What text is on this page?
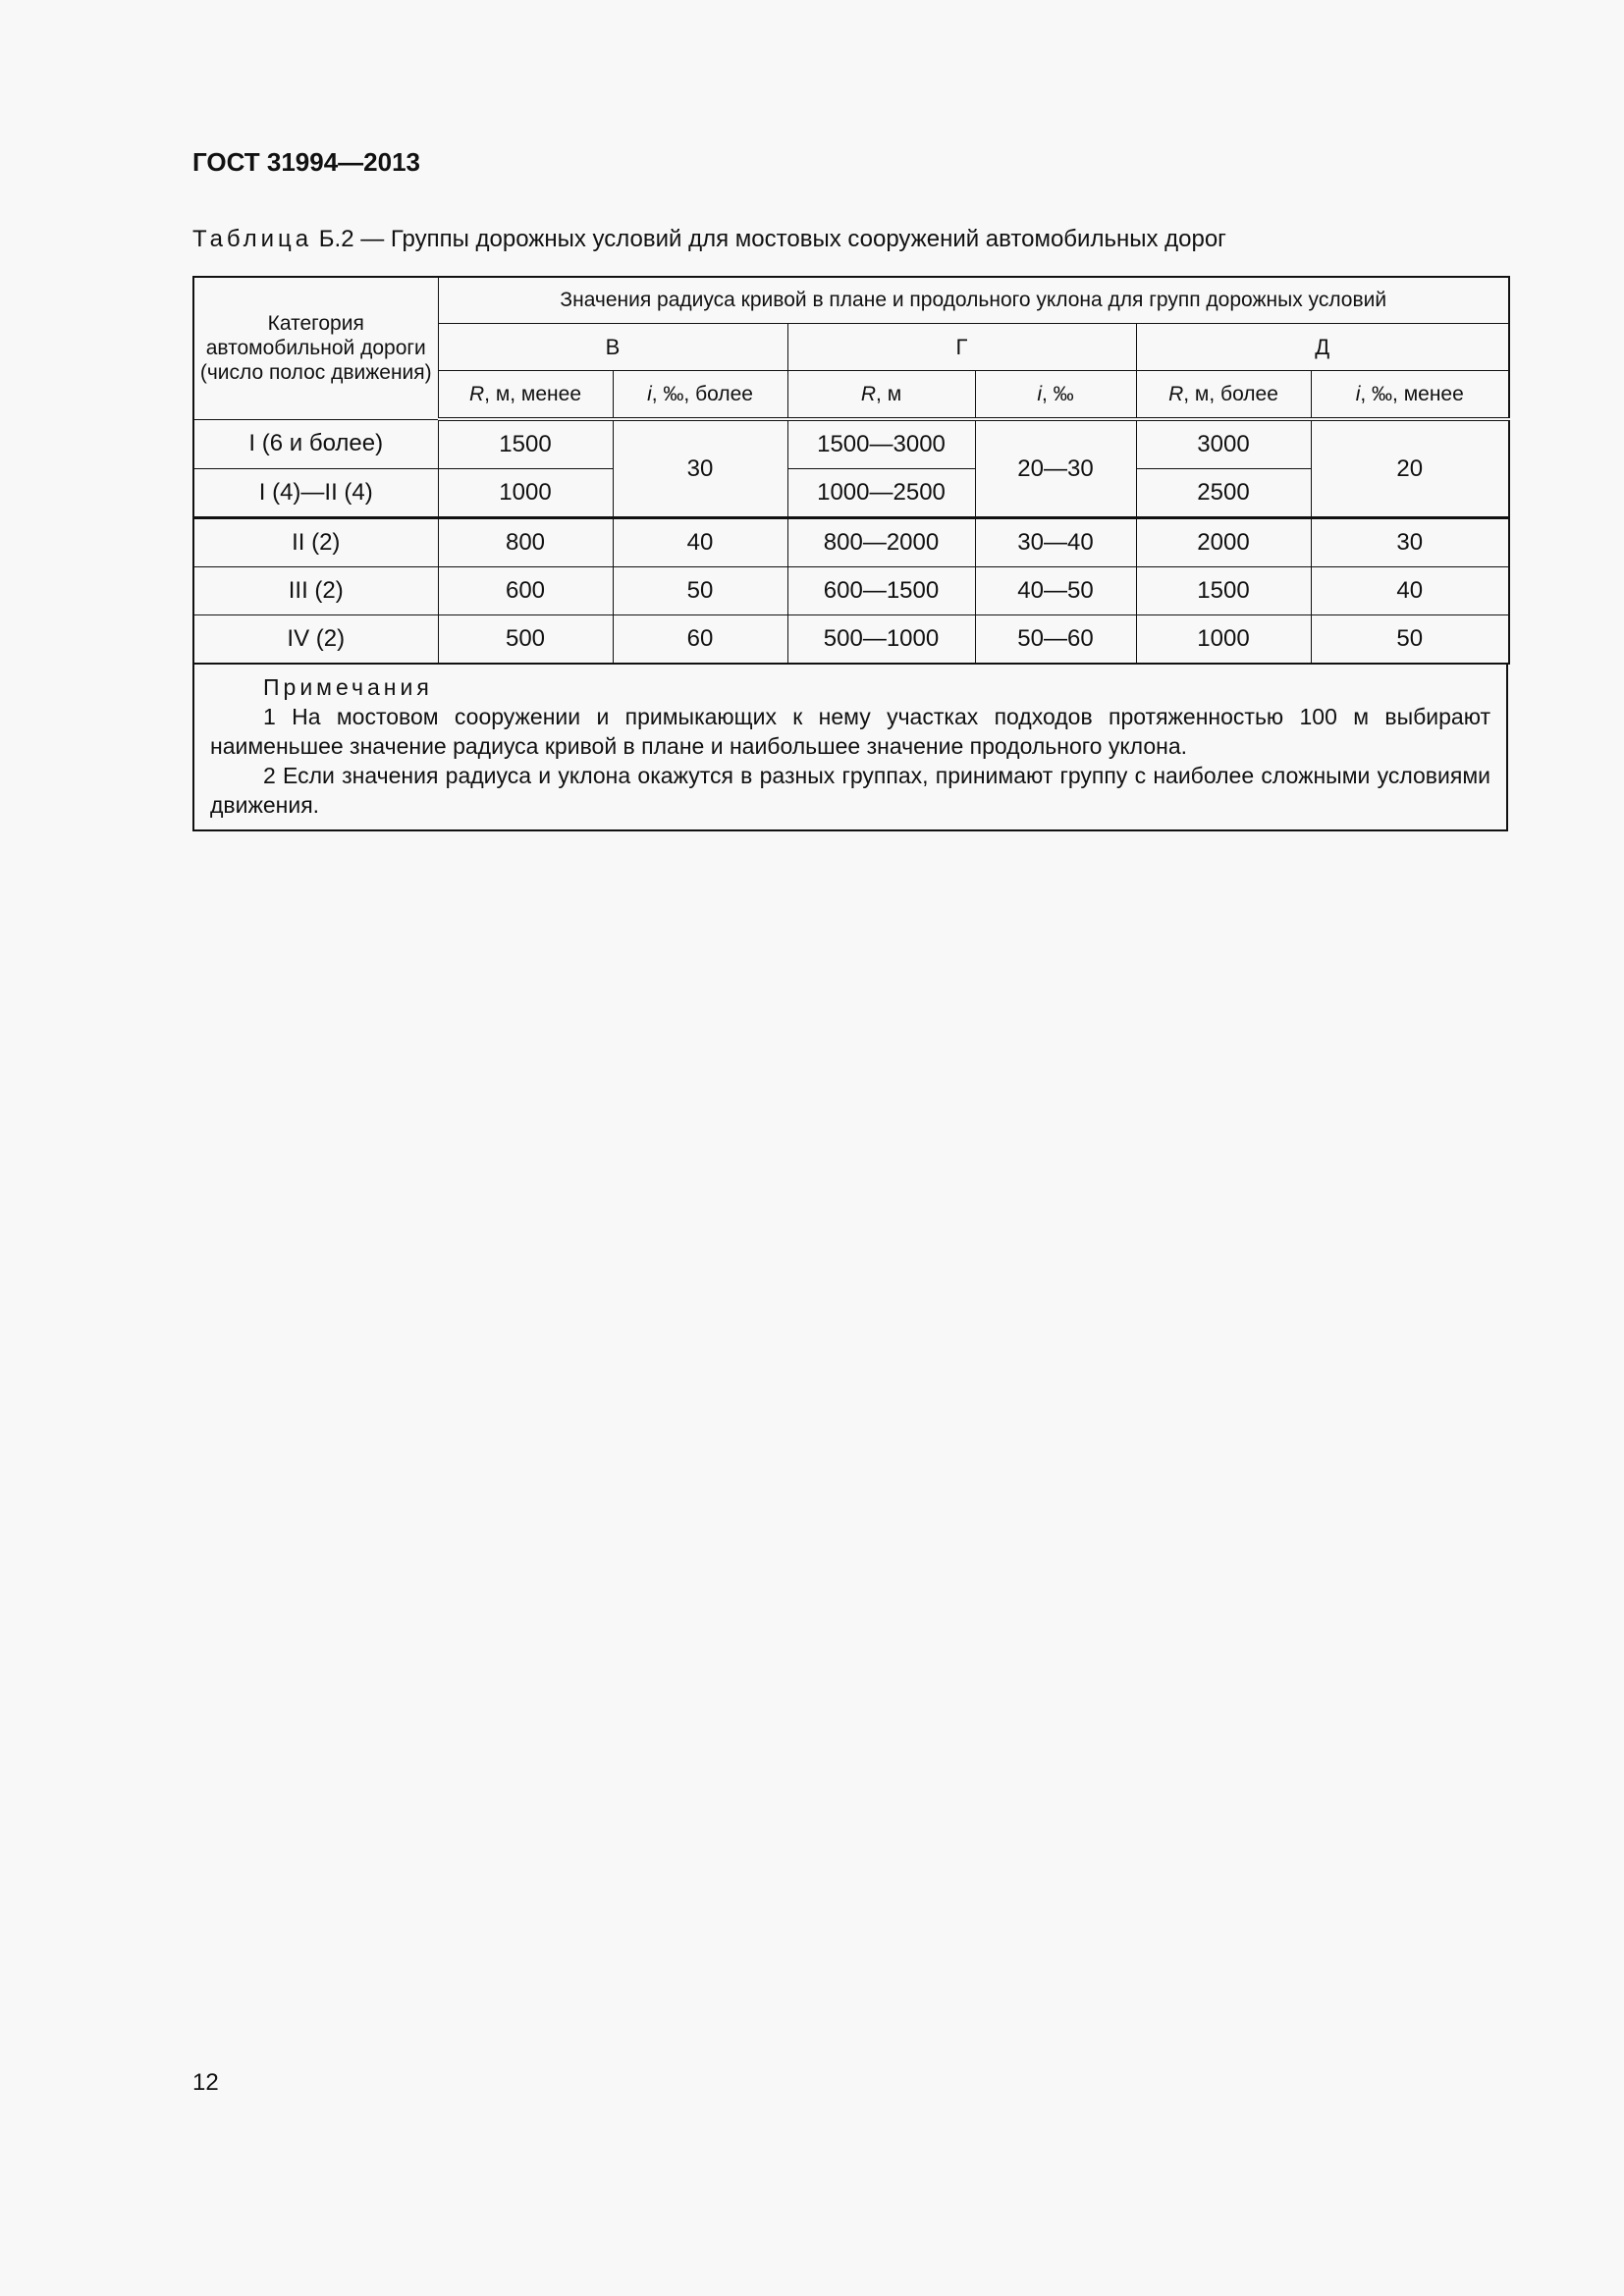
ГОСТ 31994—2013
Таблица Б.2 — Группы дорожных условий для мостовых сооружений автомобильных дорог
Категория автомобильной дороги (число полос движения)	Значения радиуса кривой в плане и продольного уклона для групп дорожных условий					
	В		Г		Д	
	R, м, менее	i, ‰, более	R, м	i, ‰	R, м, более	i, ‰, менее
I (6 и более)	1500	30	1500—3000	20—30	3000	20
I (4)—II (4)	1000		1000—2500		2500	
II (2)	800	40	800—2000	30—40	2000	30
III (2)	600	50	600—1500	40—50	1500	40
IV (2)	500	60	500—1000	50—60	1000	50
Примечания
1 На мостовом сооружении и примыкающих к нему участках подходов протяженностью 100 м выбирают наименьшее значение радиуса кривой в плане и наибольшее значение продольного уклона.
2 Если значения радиуса и уклона окажутся в разных группах, принимают группу с наиболее сложными условиями движения.
12
